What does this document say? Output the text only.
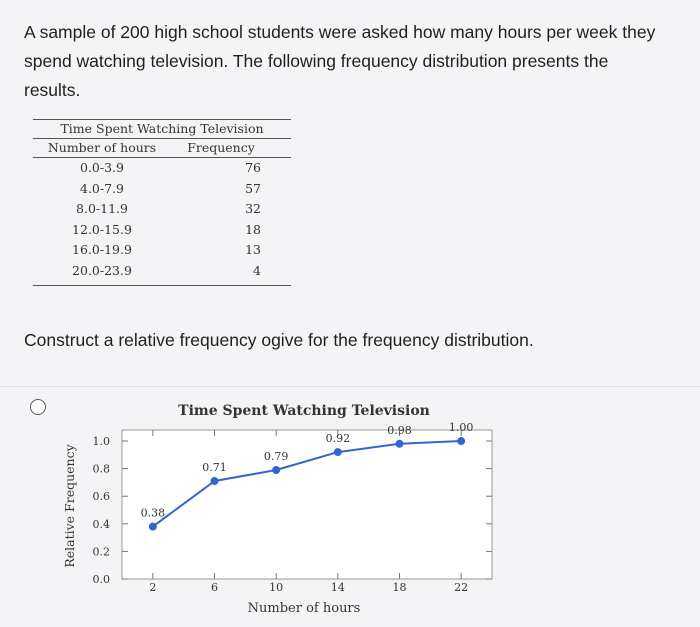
A sample of 200 high school students were asked how many hours per week they spend watching television. The following frequency distribution presents the results.

Time Spent Watching Television
Number of hours	Frequency
0.0-3.9	76
4.0-7.9	57
8.0-11.9	32
12.0-15.9	18
16.0-19.9	13
20.0-23.9	4

Construct a relative frequency ogive for the frequency distribution.

Time Spent Watching Television
Relative Frequency
Number of hours
0.0
0.2
0.4
0.6
0.8
1.0
2	6	10	14	18	22
0.38
0.71
0.79
0.92
0.98	1.00
